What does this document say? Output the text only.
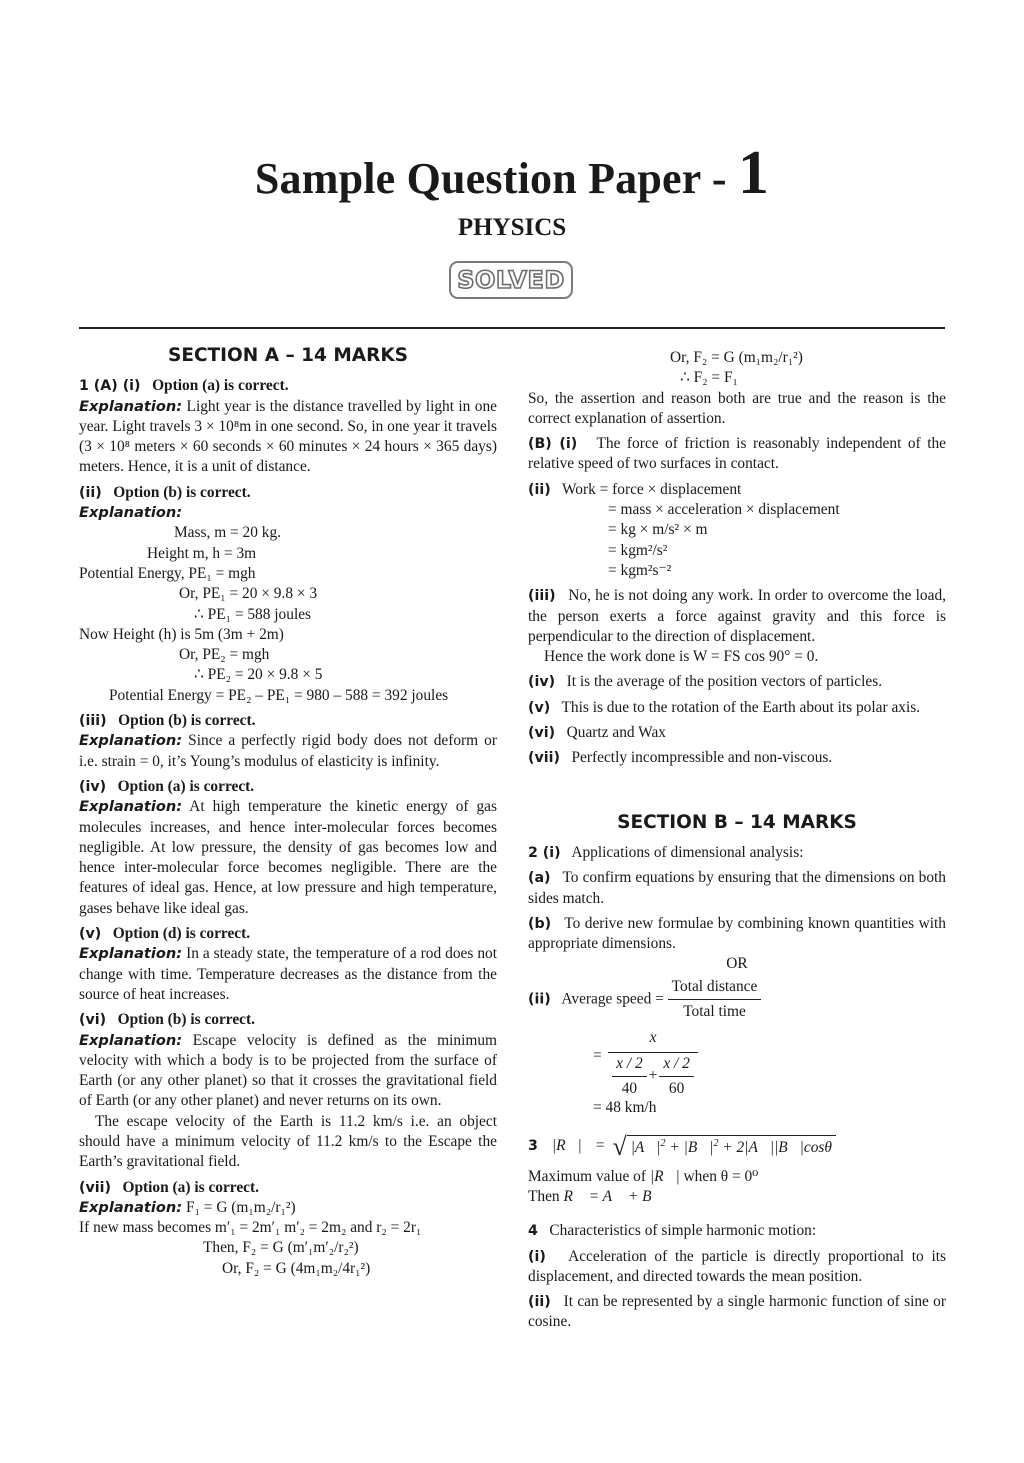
Sample Question Paper - 1
PHYSICS
SOLVED
SECTION A – 14 MARKS
1 (A) (i) Option (a) is correct.
Explanation: Light year is the distance travelled by light in one year. Light travels 3 × 10⁸m in one second. So, in one year it travels (3 × 10⁸ meters × 60 seconds × 60 minutes × 24 hours × 365 days) meters. Hence, it is a unit of distance.
(ii) Option (b) is correct.
Explanation:
Mass, m = 20 kg.
Height m, h = 3m
Potential Energy, PE₁ = mgh
Or, PE₁ = 20 × 9.8 × 3
∴ PE₁ = 588 joules
Now Height (h) is 5m (3m + 2m)
Or, PE₂ = mgh
∴ PE₂ = 20 × 9.8 × 5
Potential Energy = PE₂ – PE₁ = 980 – 588 = 392 joules
(iii) Option (b) is correct.
Explanation: Since a perfectly rigid body does not deform or i.e. strain = 0, it’s Young’s modulus of elasticity is infinity.
(iv) Option (a) is correct.
Explanation: At high temperature the kinetic energy of gas molecules increases, and hence inter-molecular forces becomes negligible. At low pressure, the density of gas becomes low and hence inter-molecular force becomes negligible. There are the features of ideal gas. Hence, at low pressure and high temperature, gases behave like ideal gas.
(v) Option (d) is correct.
Explanation: In a steady state, the temperature of a rod does not change with time. Temperature decreases as the distance from the source of heat increases.
(vi) Option (b) is correct.
Explanation: Escape velocity is defined as the minimum velocity with which a body is to be projected from the surface of Earth (or any other planet) so that it crosses the gravitational field of Earth (or any other planet) and never returns on its own.
The escape velocity of the Earth is 11.2 km/s i.e. an object should have a minimum velocity of 11.2 km/s to the Escape the Earth’s gravitational field.
(vii) Option (a) is correct.
Explanation: F₁ = G (m₁m₂/r₁²)
If new mass becomes m′₁ = 2m′₁ m′₂ = 2m₂ and r₂ = 2r₁
Then, F₂ = G (m′₁m′₂/r₂²)
Or, F₂ = G (4m₁m₂/4r₁²)
Or, F₂ = G (m₁m₂/r₁²)
∴ F₂ = F₁
So, the assertion and reason both are true and the reason is the correct explanation of assertion.
(B) (i) The force of friction is reasonably independent of the relative speed of two surfaces in contact.
(ii) Work = force × displacement
= mass × acceleration × displacement
= kg × m/s² × m
= kgm²/s²
= kgm²s⁻²
(iii) No, he is not doing any work. In order to overcome the load, the person exerts a force against gravity and this force is perpendicular to the direction of displacement.
Hence the work done is W = FS cos 90° = 0.
(iv) It is the average of the position vectors of particles.
(v) This is due to the rotation of the Earth about its polar axis.
(vi) Quartz and Wax
(vii) Perfectly incompressible and non-viscous.
SECTION B – 14 MARKS
2 (i) Applications of dimensional analysis:
(a) To confirm equations by ensuring that the dimensions on both sides match.
(b) To derive new formulae by combining known quantities with appropriate dimensions.
OR
(ii) Average speed = $\frac{\text{Total distance}}{\text{Total time}}$
=
x
$\frac{x / 2}{40} + \frac{x / 2}{60}$
= 48 km/h
3 |R⃗| = √ $|A⃗|^2$ + $|B⃗|^2$ + 2|A⃗||B⃗|cosθ
Maximum value of |R⃗| when θ = 0⁰
Then R⃗ = A⃗ + B⃗
4 Characteristics of simple harmonic motion:
(i) Acceleration of the particle is directly proportional to its displacement, and directed towards the mean position.
(ii) It can be represented by a single harmonic function of sine or cosine.
